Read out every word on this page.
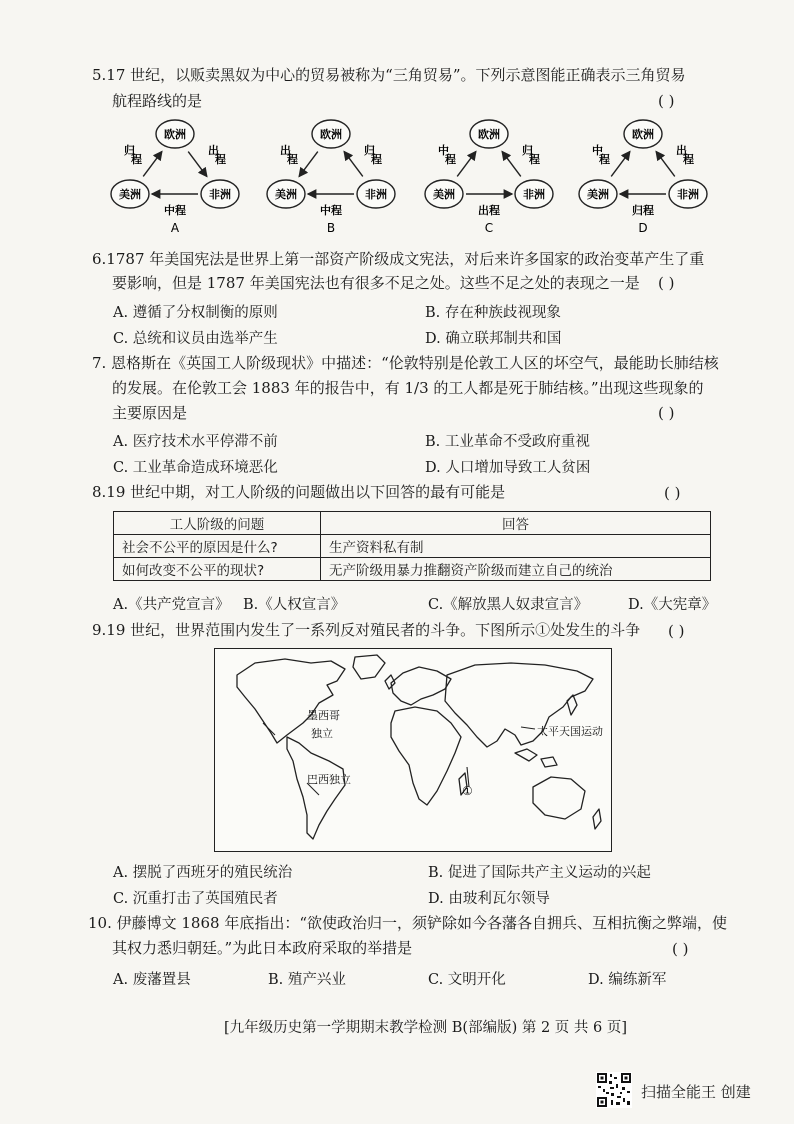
5.17 世纪，以贩卖黑奴为中心的贸易被称为“三角贸易”。下列示意图能正确表示三角贸易
航程路线的是	( )
欧洲
美洲	非洲
归程
出程
中程
A
欧洲
美洲	非洲
出程
归程
中程
B
欧洲
美洲	非洲
中程
归程
出程
C
欧洲
美洲	非洲
中程
出程
归程
D
6.1787 年美国宪法是世界上第一部资产阶级成文宪法，对后来许多国家的政治变革产生了重
要影响，但是 1787 年美国宪法也有很多不足之处。这些不足之处的表现之一是 ( )
A. 遵循了分权制衡的原则	B. 存在种族歧视现象
C. 总统和议员由选举产生	D. 确立联邦制共和国
7. 恩格斯在《英国工人阶级现状》中描述：“伦敦特别是伦敦工人区的坏空气，最能助长肺结核
的发展。在伦敦工会 1883 年的报告中，有 1/3 的工人都是死于肺结核。”出现这些现象的
主要原因是	( )
A. 医疗技术水平停滞不前	B. 工业革命不受政府重视
C. 工业革命造成环境恶化	D. 人口增加导致工人贫困
8.19 世纪中期，对工人阶级的问题做出以下回答的最有可能是	( )
工人阶级的问题	回答
社会不公平的原因是什么?	生产资料私有制
如何改变不公平的现状?	无产阶级用暴力推翻资产阶级而建立自己的统治
A.《共产党宣言》 B.《人权宣言》	C.《解放黑人奴隶宣言》	D.《大宪章》
9.19 世纪，世界范围内发生了一系列反对殖民者的斗争。下图所示①处发生的斗争 ( )
墨西哥
独立	太平天国运动
巴西独立
①
A. 摆脱了西班牙的殖民统治	B. 促进了国际共产主义运动的兴起
C. 沉重打击了英国殖民者	D. 由玻利瓦尔领导
10. 伊藤博文 1868 年底指出：“欲使政治归一，须铲除如今各藩各自拥兵、互相抗衡之弊端，使
其权力悉归朝廷。”为此日本政府采取的举措是	( )
A. 废藩置县	B. 殖产兴业	C. 文明开化	D. 编练新军
[九年级历史第一学期期末教学检测 B(部编版) 第 2 页 共 6 页]
扫描全能王 创建
